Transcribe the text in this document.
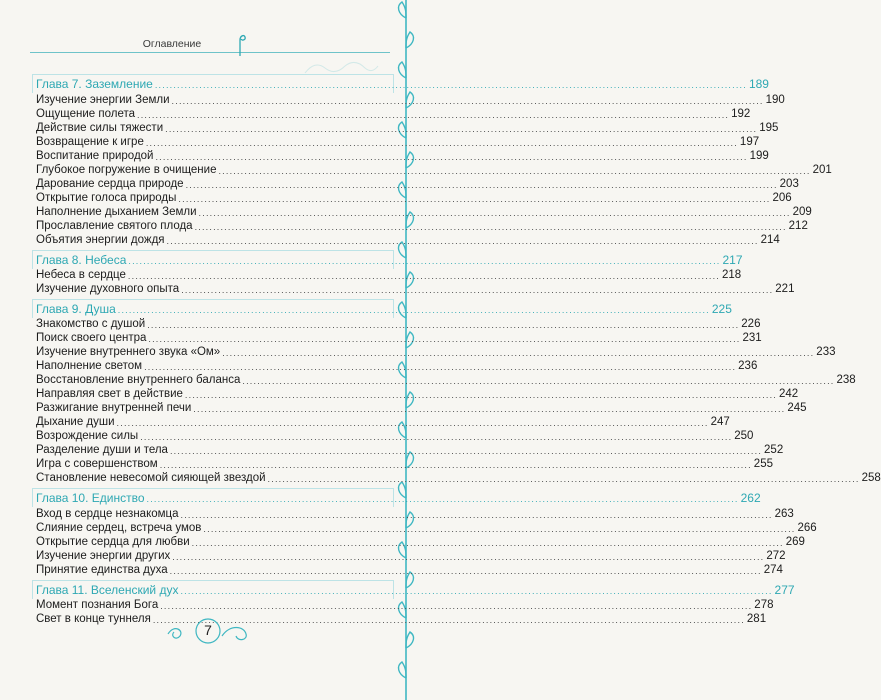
Оглавление
Глава 7. Заземление ................................................................................................................................................................ 189
Изучение энергии Земли ................................................................................................................................................................ 190
Ощущение полета ................................................................................................................................................................ 192
Действие силы тяжести ................................................................................................................................................................ 195
Возвращение к игре ................................................................................................................................................................ 197
Воспитание природой ................................................................................................................................................................ 199
Глубокое погружение в очищение ................................................................................................................................................................ 201
Дарование сердца природе ................................................................................................................................................................ 203
Открытие голоса природы ................................................................................................................................................................ 206
Наполнение дыханием Земли ................................................................................................................................................................ 209
Прославление святого плода ................................................................................................................................................................ 212
Объятия энергии дождя ................................................................................................................................................................ 214
Глава 8. Небеса ................................................................................................................................................................ 217
Небеса в сердце ................................................................................................................................................................ 218
Изучение духовного опыта ................................................................................................................................................................ 221
Глава 9. Душа ................................................................................................................................................................ 225
Знакомство с душой ................................................................................................................................................................ 226
Поиск своего центра ................................................................................................................................................................ 231
Изучение внутреннего звука «Ом» ................................................................................................................................................................ 233
Наполнение светом ................................................................................................................................................................ 236
Восстановление внутреннего баланса ................................................................................................................................................................ 238
Направляя свет в действие ................................................................................................................................................................ 242
Разжигание внутренней печи ................................................................................................................................................................ 245
Дыхание души ................................................................................................................................................................ 247
Возрождение силы ................................................................................................................................................................ 250
Разделение души и тела ................................................................................................................................................................ 252
Игра с совершенством ................................................................................................................................................................ 255
Становление невесомой сияющей звездой ................................................................................................................................................................ 258
Глава 10. Единство ................................................................................................................................................................ 262
Вход в сердце незнакомца ................................................................................................................................................................ 263
Слияние сердец, встреча умов ................................................................................................................................................................ 266
Открытие сердца для любви ................................................................................................................................................................ 269
Изучение энергии других ................................................................................................................................................................ 272
Принятие единства духа ................................................................................................................................................................ 274
Глава 11. Вселенский дух ................................................................................................................................................................ 277
Момент познания Бога ................................................................................................................................................................ 278
Свет в конце туннеля ................................................................................................................................................................ 281
7
